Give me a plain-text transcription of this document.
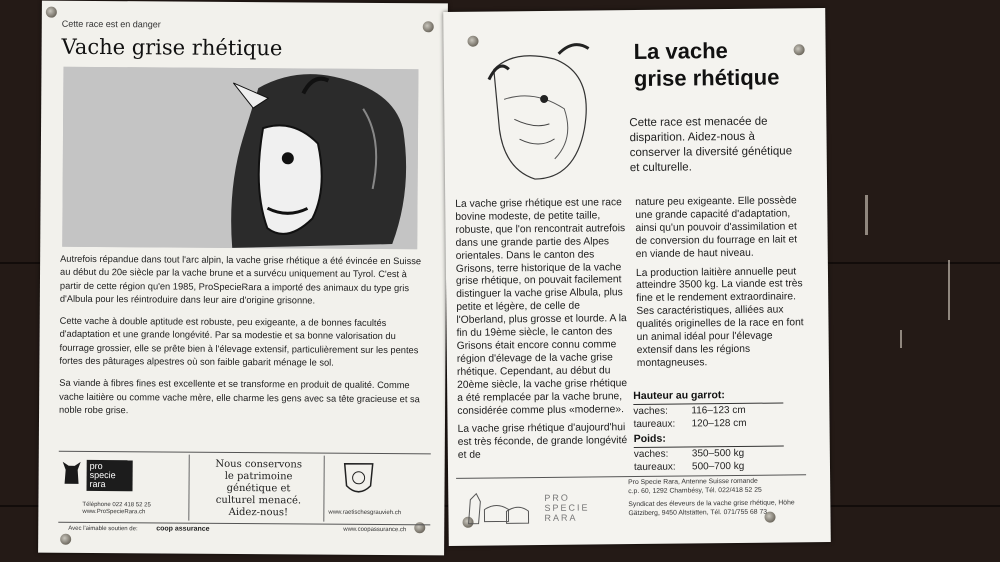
Cette race est en danger
Vache grise rhétique

Autrefois répandue dans tout l'arc alpin, la vache grise rhétique a été évincée en Suisse au début du 20e siècle par la vache brune et a survécu uniquement au Tyrol. C'est à partir de cette région qu'en 1985, ProSpecieRara a importé des animaux du type gris d'Albula pour les réintroduire dans leur aire d'origine grisonne.

Cette vache à double aptitude est robuste, peu exigeante, a de bonnes facultés d'adaptation et une grande longévité. Par sa modestie et sa bonne valorisation du fourrage grossier, elle se prête bien à l'élevage extensif, particulièrement sur les pentes fortes des pâturages alpestres où son faible gabarit ménage le sol.

Sa viande à fibres fines est excellente et se transforme en produit de qualité. Comme vache laitière ou comme vache mère, elle charme les gens avec sa tête gracieuse et sa noble robe grise.

pro specie rara
Téléphone 022 418 52 25
www.ProSpecieRara.ch
Nous conservons
le patrimoine
génétique et
culturel menacé.
Aidez-nous!	www.raetischesgrauvieh.ch
Avec l'aimable soutien de:	coop assurance	www.coopassurance.ch
La vache
grise rhétique
Cette race est menacée de disparition. Aidez-nous à conserver la diversité génétique et culturelle.

La vache grise rhétique est une race bovine modeste, de petite taille, robuste, que l'on rencontrait autrefois dans une grande partie des Alpes orientales. Dans le canton des Grisons, terre historique de la vache grise rhétique, on pouvait facilement distinguer la vache grise Albula, plus petite et légère, de celle de l'Oberland, plus grosse et lourde. A la fin du 19ème siècle, le canton des Grisons était encore connu comme région d'élevage de la vache grise rhétique. Cependant, au début du 20ème siècle, la vache grise rhétique a été remplacée par la vache brune, considérée comme plus «moderne».

La vache grise rhétique d'aujourd'hui est très féconde, de grande longévité et de

nature peu exigeante. Elle possède une grande capacité d'adaptation, ainsi qu'un pouvoir d'assimilation et de conversion du fourrage en lait et en viande de haut niveau.

La production laitière annuelle peut atteindre 3500 kg. La viande est très fine et le rendement extraordinaire. Ses caractéristiques, alliées aux qualités originelles de la race en font un animal idéal pour l'élevage extensif dans les régions montagneuses.

Hauteur au garrot:
vaches: 116–123 cm
taureaux: 120–128 cm
Poids:
vaches: 350–500 kg
taureaux: 500–700 kg
PRO
SPECIE
RARA
Pro Specie Rara, Antenne Suisse romande
c.p. 60, 1292 Chambésy, Tél. 022/418 52 25
Syndicat des éleveurs de la vache grise rhétique, Höhe Gätziberg, 9450 Altstätten, Tél. 071/755 68 73
